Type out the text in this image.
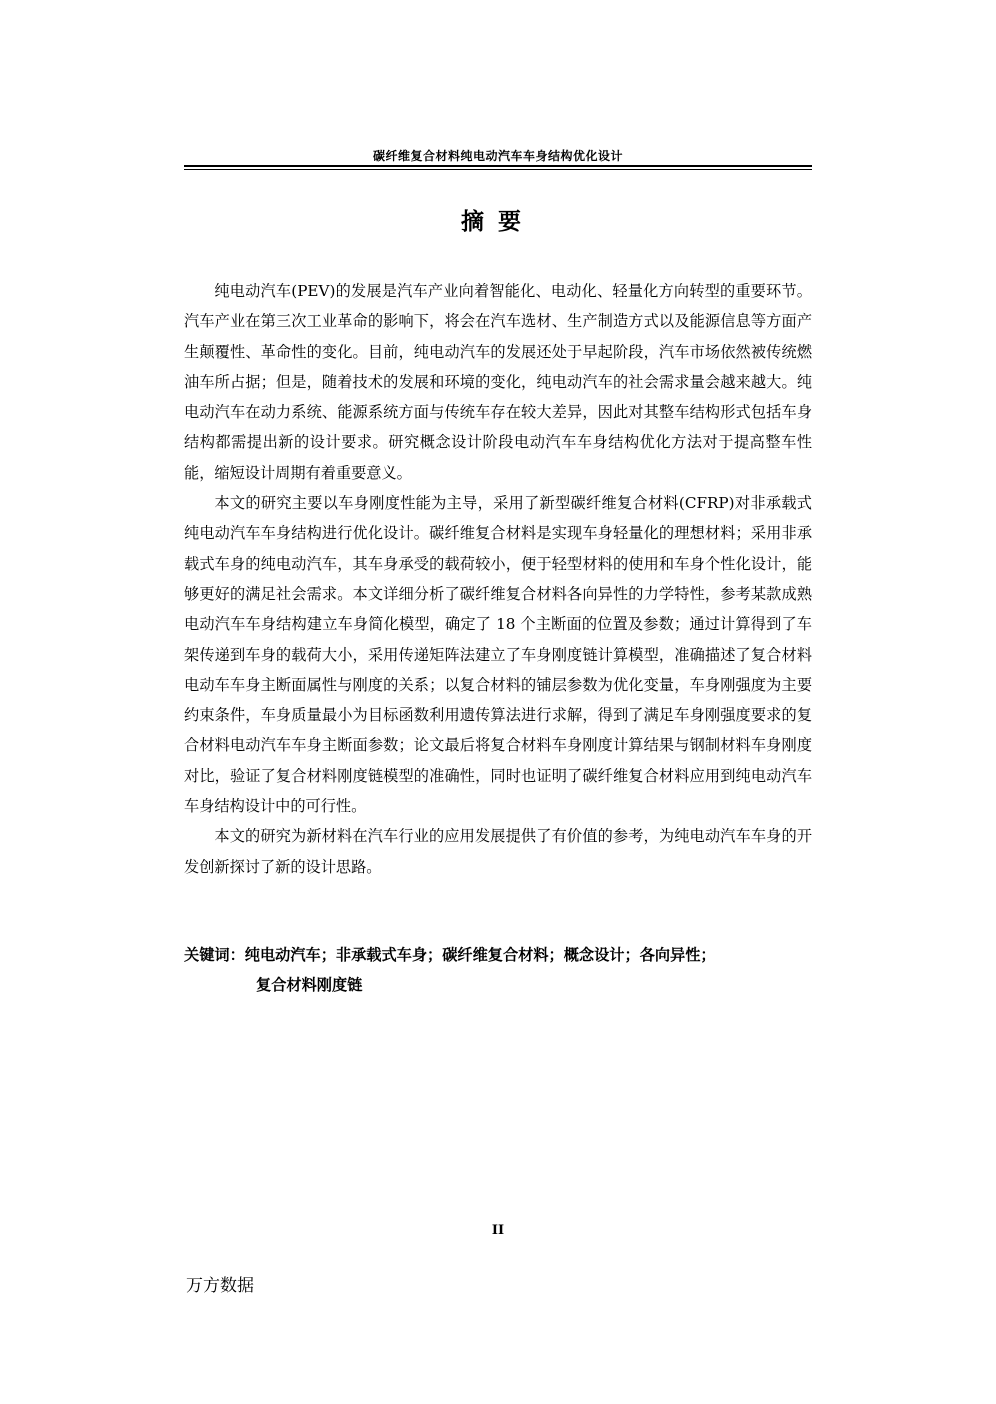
碳纤维复合材料纯电动汽车车身结构优化设计
摘要

纯电动汽车(PEV)的发展是汽车产业向着智能化、电动化、轻量化方向转型的重要环节。汽车产业在第三次工业革命的影响下，将会在汽车选材、生产制造方式以及能源信息等方面产生颠覆性、革命性的变化。目前，纯电动汽车的发展还处于早起阶段，汽车市场依然被传统燃油车所占据；但是，随着技术的发展和环境的变化，纯电动汽车的社会需求量会越来越大。纯电动汽车在动力系统、能源系统方面与传统车存在较大差异，因此对其整车结构形式包括车身结构都需提出新的设计要求。研究概念设计阶段电动汽车车身结构优化方法对于提高整车性能，缩短设计周期有着重要意义。

本文的研究主要以车身刚度性能为主导，采用了新型碳纤维复合材料(CFRP)对非承载式纯电动汽车车身结构进行优化设计。碳纤维复合材料是实现车身轻量化的理想材料；采用非承载式车身的纯电动汽车，其车身承受的载荷较小，便于轻型材料的使用和车身个性化设计，能够更好的满足社会需求。本文详细分析了碳纤维复合材料各向异性的力学特性，参考某款成熟电动汽车车身结构建立车身简化模型，确定了 18 个主断面的位置及参数；通过计算得到了车架传递到车身的载荷大小，采用传递矩阵法建立了车身刚度链计算模型，准确描述了复合材料电动车车身主断面属性与刚度的关系；以复合材料的铺层参数为优化变量，车身刚强度为主要约束条件，车身质量最小为目标函数利用遗传算法进行求解，得到了满足车身刚强度要求的复合材料电动汽车车身主断面参数；论文最后将复合材料车身刚度计算结果与钢制材料车身刚度对比，验证了复合材料刚度链模型的准确性，同时也证明了碳纤维复合材料应用到纯电动汽车车身结构设计中的可行性。

本文的研究为新材料在汽车行业的应用发展提供了有价值的参考，为纯电动汽车车身的开发创新探讨了新的设计思路。

关键词：纯电动汽车；非承载式车身；碳纤维复合材料；概念设计；各向异性；
复合材料刚度链
II
万方数据
